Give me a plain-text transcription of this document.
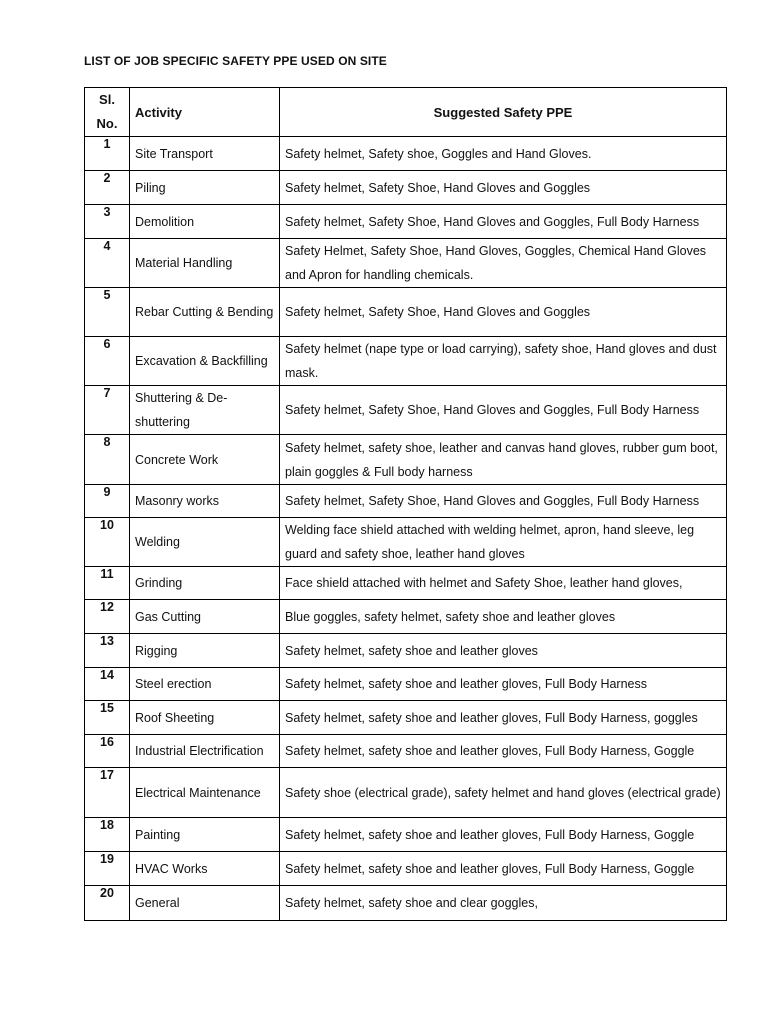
LIST OF JOB SPECIFIC SAFETY PPE USED ON SITE
Sl. No.	Activity	Suggested Safety PPE
1	Site Transport	Safety helmet, Safety shoe, Goggles and Hand Gloves.
2	Piling	Safety helmet, Safety Shoe, Hand Gloves and Goggles
3	Demolition	Safety helmet, Safety Shoe, Hand Gloves and Goggles, Full Body Harness
4	Material Handling	Safety Helmet, Safety Shoe, Hand Gloves, Goggles, Chemical Hand Gloves and Apron for handling chemicals.
5	Rebar Cutting & Bending	Safety helmet, Safety Shoe, Hand Gloves and Goggles
6	Excavation & Backfilling	Safety helmet (nape type or load carrying), safety shoe, Hand gloves and dust mask.
7	Shuttering & De-shuttering	Safety helmet, Safety Shoe, Hand Gloves and Goggles, Full Body Harness
8	Concrete Work	Safety helmet, safety shoe, leather and canvas hand gloves, rubber gum boot, plain goggles & Full body harness
9	Masonry works	Safety helmet, Safety Shoe, Hand Gloves and Goggles, Full Body Harness
10	Welding	Welding face shield attached with welding helmet, apron, hand sleeve, leg guard and safety shoe, leather hand gloves
11	Grinding	Face shield attached with helmet and Safety Shoe, leather hand gloves,
12	Gas Cutting	Blue goggles, safety helmet, safety shoe and leather gloves
13	Rigging	Safety helmet, safety shoe and leather gloves
14	Steel erection	Safety helmet, safety shoe and leather gloves, Full Body Harness
15	Roof Sheeting	Safety helmet, safety shoe and leather gloves, Full Body Harness, goggles
16	Industrial Electrification	Safety helmet, safety shoe and leather gloves, Full Body Harness, Goggle
17	Electrical Maintenance	Safety shoe (electrical grade), safety helmet and hand gloves (electrical grade)
18	Painting	Safety helmet, safety shoe and leather gloves, Full Body Harness, Goggle
19	HVAC Works	Safety helmet, safety shoe and leather gloves, Full Body Harness, Goggle
20	General	Safety helmet, safety shoe and clear goggles,
